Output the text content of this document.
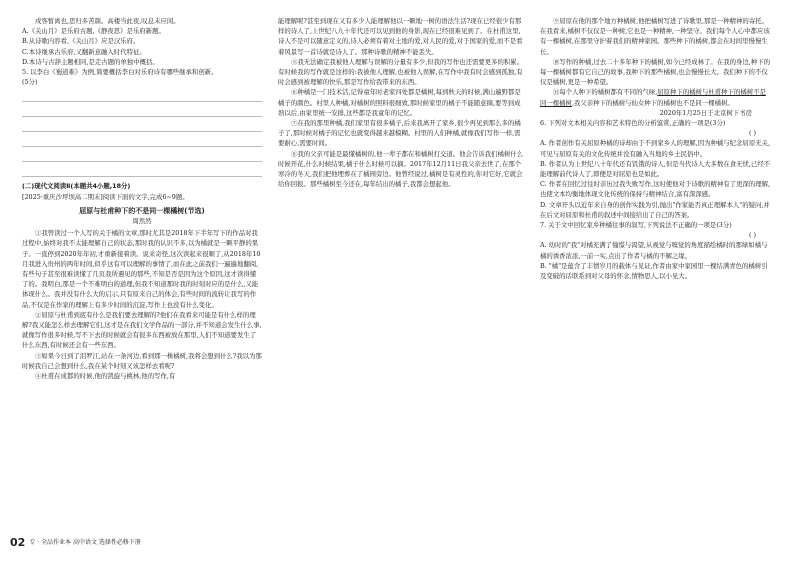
戌客暂离也,思归多苦颜。高楼当此夜,叹息未应闲。

A.《关山月》是乐府古题,《静夜思》是乐府新题。

B.从诗歌内容看,《关山月》应是汉乐府。

C.本诗继承古乐府,又翻新意融入时代特征。

D.本诗与古辞主题相同,是走古题的单独中概括。

5. 以李白《蜀道难》为例,简要概括李白对乐府诗有哪些继承和创新。

(5分)

(二)现代文阅读Ⅱ(本题共4小题,18分)

[2025·重庆沙坪坝高二期末]阅读下面的文字,完成6~9题。

屈原与杜甫种下的不是同一棵橘树(节选)

周然然

①我曾读过一个人写的关于橘的文章,那时尤其是2018年下半年写下的作品对我过程中,始终对我不太能理解自己的状态,那时我的认识不多,以为橘就是一颗平静的果子。一直停到2020年年初,才重新接着读。说来奇怪,这次读起来很顺了,从2018年10月我进入贵州的两年时间,似乎这有可以理解的事情了,而在此之前我们一遍遍地翻阅,有些句子甚至很难读懂了几页我所遇见的那些,不知是否是因为这个原因,这才读得懂了的。我明白,那是一个不难明白的道理,但我不知道那时我的时刻对应的是什么,又能体现什么。我并没有什么大的启示,只有原来自己的体会,有些时间的流转让我写的作品,不仅是在作家的理解上有多少时间的沉淀,写作上也没有什么变化。

②屈原与杜甫到底有什么是我们要去理解的?他们在我看来可能是有什么样的理解?我又能怎么样去理解它们,这才是在我们文学作品的一部分,并不知道会发生什么事,就像写作很多时候,写不下去的时候就会有很多东西被放在那里,人们不知道要发生了什么东西,有时候还会有一些东西。

③如果今日到了泪罗江,站在一条河边,看到那一株橘树,我将会想到什么?我以为那时候我自己会想到什么,我在某个时刻又该怎样去看呢?

④杜甫在成都的时候,他的凯旋与桃林,他的写作,有

能理解呢?甚至到现在又有多少人能理解他以一颗地一树的语法生活?现在已经很少有那样的诗人了,上世纪八九十年代还可以见到他的身影,现在已经很难见到了。在杜甫这里,诗人不是可以随意定义的,诗人必须有着对土地的爱,对人民的爱,对于国家的爱,而不是看着风景写一首诗就是诗人了。那种诗歌的精神不能丢失。

⑤我无法确定我被他人理解与误解的分量有多少,但我的写作也还需要更多的积累。有时候我的写作就是这样的:我被他人理解,也被他人误解,在写作中我有时会感到孤独,有时会感到被理解的快乐,那是写作给我带来的东西。

⑥种橘是一门技术活,记得童年时老家四处都是橘树,每到秋天的时候,满山遍野都是橘子的颜色。村里人种橘,对橘树的照料很细致,那时候家里的橘子不能随意摘,要等到成熟以后,由家里统一安排,这些都是我童年的记忆。

⑦在我的那里种橘,我们家里有很多橘子,后来我离开了家乡,很少再见到那么多的橘子了,那时候对橘子的记忆也就变得越来越模糊。村里的人们种橘,就像我们写作一样,需要耐心,需要时间。

⑧我的父亲可能是最懂橘树的,他一辈子都在和橘树打交道。他会告诉我们橘树什么时候开花,什么时候结果,橘子什么时候可以摘。2017年12月11日我父亲去世了,在那个寒冷的冬天,我们把他埋葬在了橘园旁边。他曾经说过,橘树是有灵性的,你对它好,它就会给你回报。那些橘树至今还在,每年结出的橘子,我都会想起他。

⑨屈原在他的那个地方种橘树,他把橘树写进了诗歌里,那是一种精神的寄托。在我看来,橘树不仅仅是一种树,它也是一种精神,一种坚守。我们每个人心中都应该有一棵橘树,在那里守护着我们的精神家园。那些种下的橘树,都会在时间里慢慢生长。

⑩写作的种橘,过去二十多年种下的橘树,如今已经成林了。在我的身边,种下的每一棵橘树都有它自己的故事,我种下的那些橘树,也会慢慢长大。我们种下的不仅仅是橘树,更是一种希望。

⑪每个人种下的橘树都有不同的气味,屈原种下的橘树与杜甫种下的橘树不是同一棵橘树,我父亲种下的橘树与仙女种下的橘树也不是同一棵橘树。

2020年1月25日于北京树下书房

6. 下列对文本相关内容和艺术特色的分析鉴赏,正确的一项是(3分)

( )

A. 作者创作有关屈原种橘的诗却由于不到家乡人的理解,因为种橘与纪念屈原无关,可见与屈原有关的文化传统并没有融入当地的乡土民俗中。

B. 作者认为上世纪八十年代还有饥饿的诗人,但是当代诗人大多数在食无忧,已经不能理解前代诗人了,即便是对屈原也是如此。

C. 作者在回忆过往时亲历过我失败写作,这时使他对于诗歌的精神有了更深的理解,也使文本均衡地体现文化传统的保持与精神结合,富有深深感。

D. 文章开头以近年来自身的创作实践为引,抛出"作家能否真正理解本人"的疑问,并在后文对屈原和杜甫的叙述中间接给出了自己的答案。

7. 关于文中回忆家乡种橘往事的叙写,下列说法不正确的一项是(3分)

( )

A. 幼时的"我"对橘充满了憧憬与渴望,从视觉与嗅觉的角度描绘橘时的那绿如橘与橘的诱香浓浓,一前一实,点出了作者与橘的不解之缘。

B. "橘"是蕴含了丰情岁月的载体与见证,作者由家中家园里一棵结满青色的橘树引及变破的话联系到对父母的怀念,情物思人,以小见大。

02 专 · 全品作业本 高中语文 选择性必修下册
